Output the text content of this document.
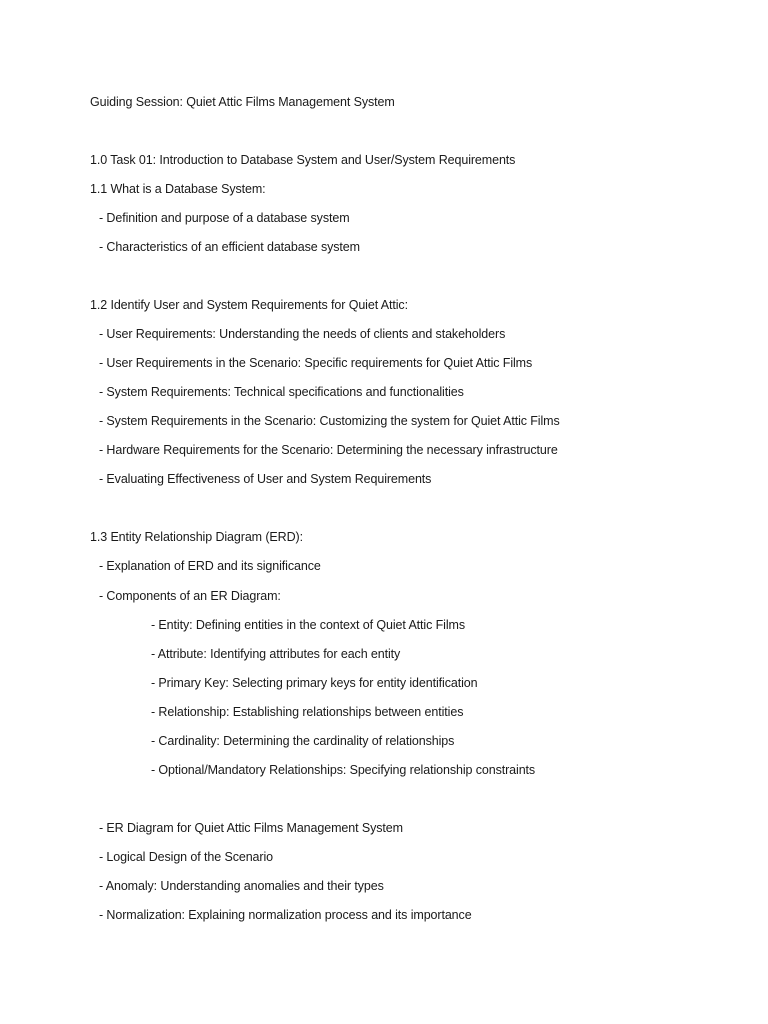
Guiding Session: Quiet Attic Films Management System
1.0 Task 01: Introduction to Database System and User/System Requirements
1.1 What is a Database System:
- Definition and purpose of a database system
- Characteristics of an efficient database system
1.2 Identify User and System Requirements for Quiet Attic:
- User Requirements: Understanding the needs of clients and stakeholders
- User Requirements in the Scenario: Specific requirements for Quiet Attic Films
- System Requirements: Technical specifications and functionalities
- System Requirements in the Scenario: Customizing the system for Quiet Attic Films
- Hardware Requirements for the Scenario: Determining the necessary infrastructure
- Evaluating Effectiveness of User and System Requirements
1.3 Entity Relationship Diagram (ERD):
- Explanation of ERD and its significance
- Components of an ER Diagram:
- Entity: Defining entities in the context of Quiet Attic Films
- Attribute: Identifying attributes for each entity
- Primary Key: Selecting primary keys for entity identification
- Relationship: Establishing relationships between entities
- Cardinality: Determining the cardinality of relationships
- Optional/Mandatory Relationships: Specifying relationship constraints
- ER Diagram for Quiet Attic Films Management System
- Logical Design of the Scenario
- Anomaly: Understanding anomalies and their types
- Normalization: Explaining normalization process and its importance
